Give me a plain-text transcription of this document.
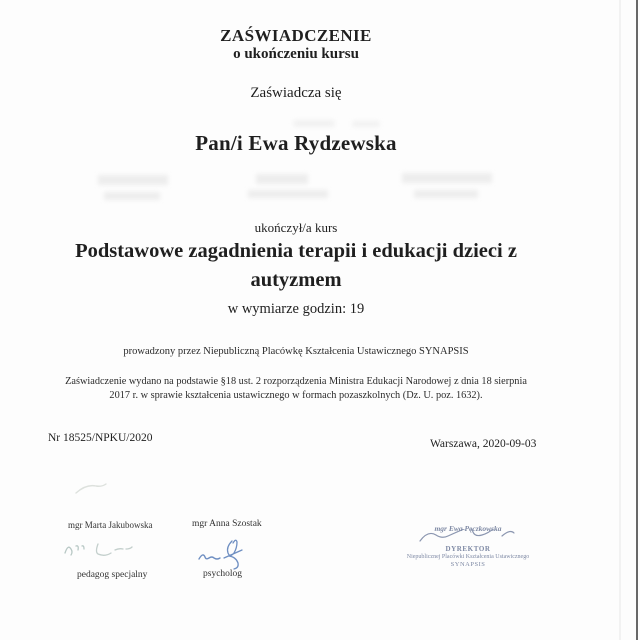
ZAŚWIADCZENIE
o ukończeniu kursu
Zaświadcza się
Pan/i Ewa Rydzewska
ukończył/a kurs
Podstawowe zagadnienia terapii i edukacji dzieci z autyzmem
w wymiarze godzin: 19
prowadzony przez Niepubliczną Placówkę Kształcenia Ustawicznego SYNAPSIS
Zaświadczenie wydano na podstawie §18 ust. 2 rozporządzenia Ministra Edukacji Narodowej z dnia 18 sierpnia 2017 r. w sprawie kształcenia ustawicznego w formach pozaszkolnych (Dz. U. poz. 1632).
Nr 18525/NPKU/2020	Warszawa, 2020-09-03
mgr Marta Jakubowska
pedagog specjalny
mgr Anna Szostak
psycholog
mgr Ewa Pęczkowska
DYREKTOR
Niepublicznej Placówki Kształcenia Ustawicznego
SYNAPSIS
